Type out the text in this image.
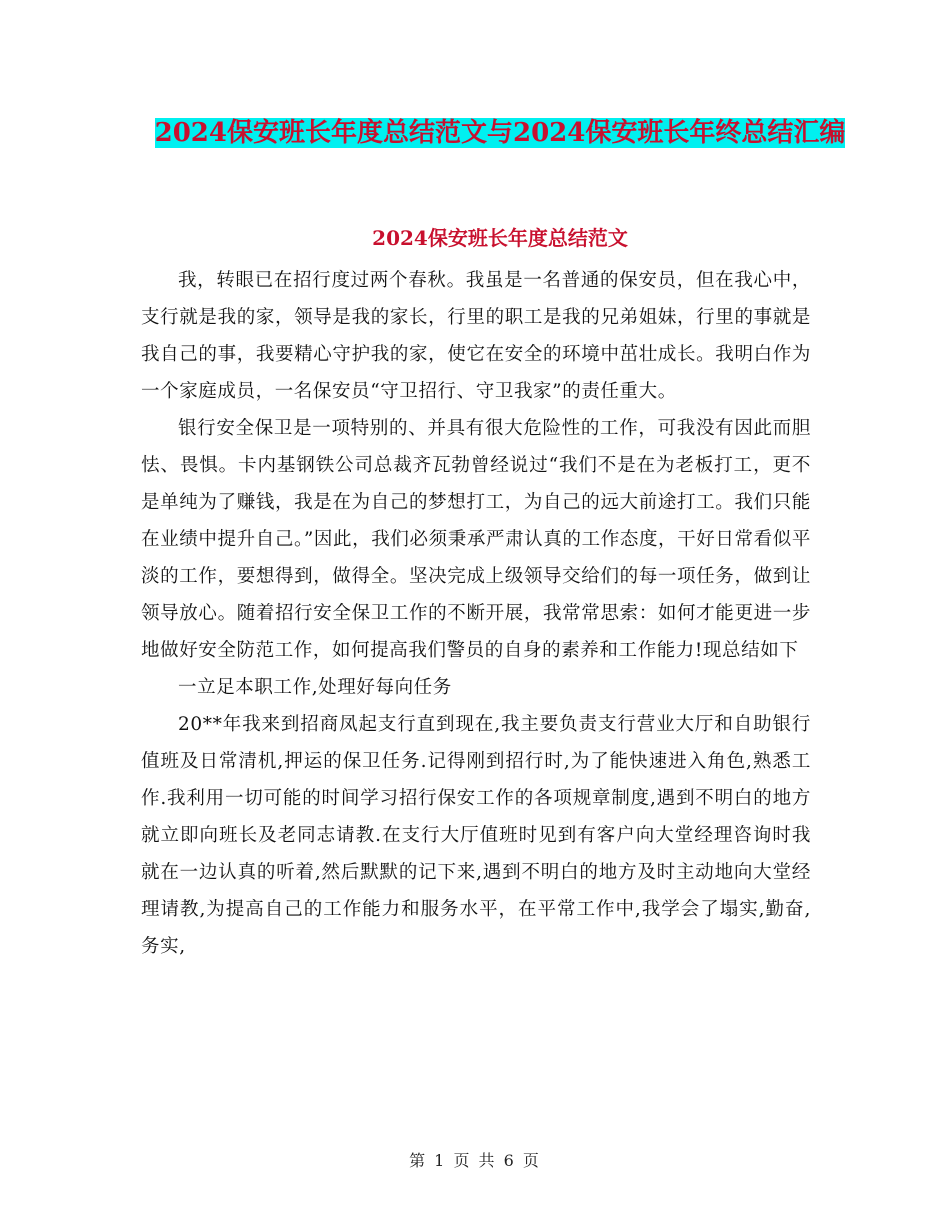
2024保安班长年度总结范文与2024保安班长年终总结汇编
2024保安班长年度总结范文

我，转眼已在招行度过两个春秋。我虽是一名普通的保安员，但在我心中，支行就是我的家，领导是我的家长，行里的职工是我的兄弟姐妹，行里的事就是我自己的事，我要精心守护我的家，使它在安全的环境中茁壮成长。我明白作为一个家庭成员，一名保安员“守卫招行、守卫我家”的责任重大。

银行安全保卫是一项特别的、并具有很大危险性的工作，可我没有因此而胆怯、畏惧。卡内基钢铁公司总裁齐瓦勃曾经说过“我们不是在为老板打工，更不是单纯为了赚钱，我是在为自己的梦想打工，为自己的远大前途打工。我们只能在业绩中提升自己。”因此，我们必须秉承严肃认真的工作态度，干好日常看似平淡的工作，要想得到，做得全。坚决完成上级领导交给们的每一项任务，做到让领导放心。随着招行安全保卫工作的不断开展，我常常思索：如何才能更进一步地做好安全防范工作，如何提高我们警员的自身的素养和工作能力!现总结如下

一立足本职工作,处理好每向任务

20**年我来到招商凤起支行直到现在,我主要负责支行营业大厅和自助银行值班及日常清机,押运的保卫任务.记得刚到招行时,为了能快速进入角色,熟悉工作.我利用一切可能的时间学习招行保安工作的各项规章制度,遇到不明白的地方就立即向班长及老同志请教.在支行大厅值班时见到有客户向大堂经理咨询时我就在一边认真的听着,然后默默的记下来,遇到不明白的地方及时主动地向大堂经理请教,为提高自己的工作能力和服务水平，在平常工作中,我学会了塌实,勤奋,务实,

第 1 页 共 6 页
